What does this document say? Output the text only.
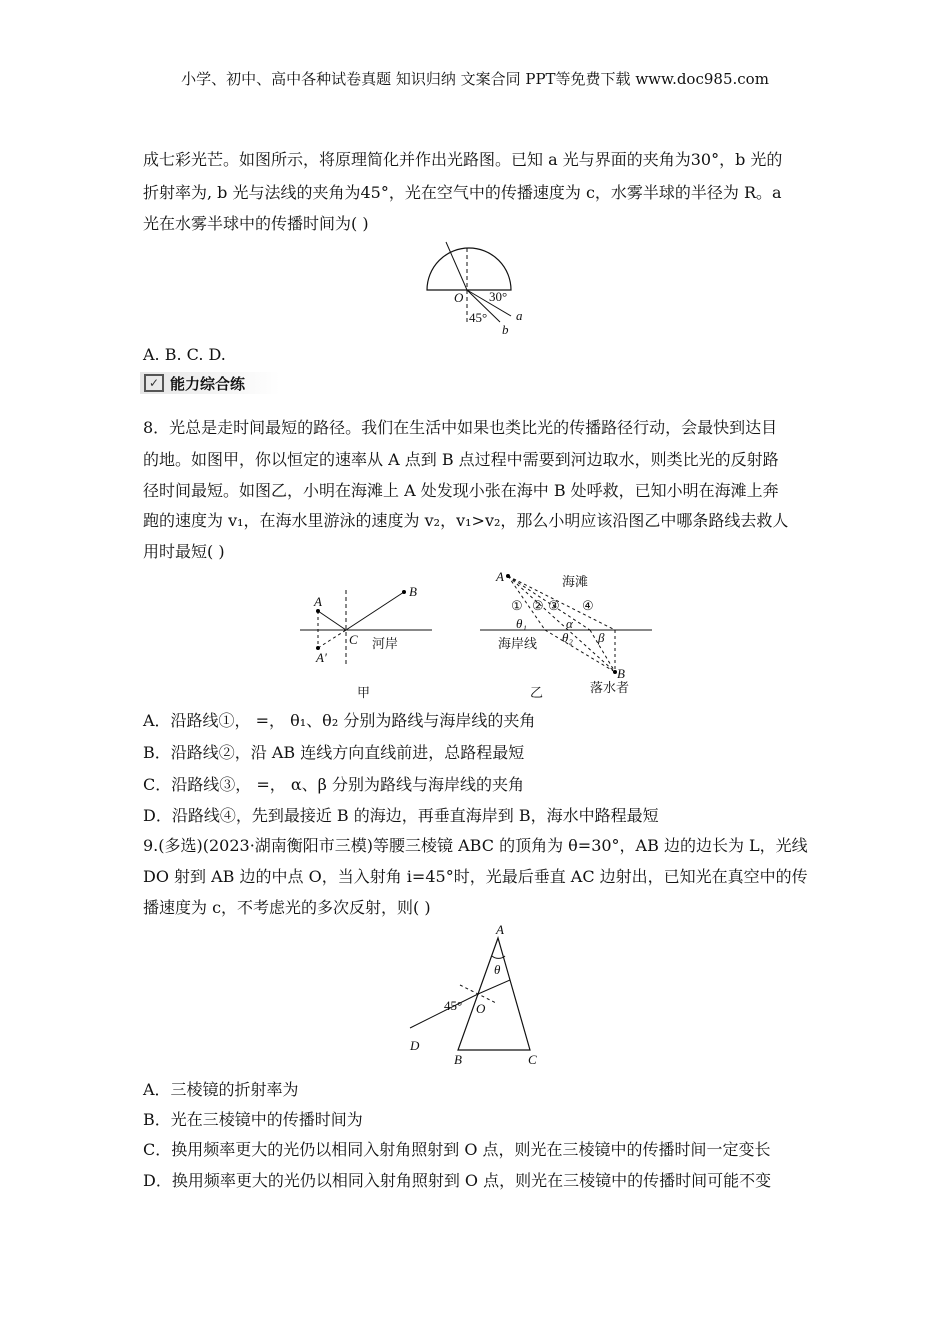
小学、初中、高中各种试卷真题 知识归纳 文案合同 PPT等免费下载 www.doc985.com
成七彩光芒。如图所示，将原理简化并作出光路图。已知 a 光与界面的夹角为30°，b 光的
折射率为, b 光与法线的夹角为45°，光在空气中的传播速度为 c，水雾半球的半径为 R。a
光在水雾半球中的传播时间为( )
O 30°
45° a
b
A. B. C. D.
✓ 能力综合练
8．光总是走时间最短的路径。我们在生活中如果也类比光的传播路径行动，会最快到达目
的地。如图甲，你以恒定的速率从 A 点到 B 点过程中需要到河边取水，则类比光的反射路
径时间最短。如图乙，小明在海滩上 A 处发现小张在海中 B 处呼救，已知小明在海滩上奔
跑的速度为 v₁，在海水里游泳的速度为 v₂，v₁>v₂，那么小明应该沿图乙中哪条路线去救人
用时最短( )
A
B
C
A′
河岸
甲
A
B
海滩
海岸线
落水者
① ② ③ ④
θ₁
θ₂
α
β
乙
A．沿路线①， =， θ₁、θ₂ 分别为路线与海岸线的夹角
B．沿路线②，沿 AB 连线方向直线前进，总路程最短
C．沿路线③， =， α、β 分别为路线与海岸线的夹角
D．沿路线④，先到最接近 B 的海边，再垂直海岸到 B，海水中路程最短
9.(多选)(2023·湖南衡阳市三模)等腰三棱镜 ABC 的顶角为 θ=30°，AB 边的边长为 L，光线
DO 射到 AB 边的中点 O，当入射角 i=45°时，光最后垂直 AC 边射出，已知光在真空中的传
播速度为 c，不考虑光的多次反射，则( )
A
B	C
D
O
θ
45°
A．三棱镜的折射率为
B．光在三棱镜中的传播时间为
C．换用频率更大的光仍以相同入射角照射到 O 点，则光在三棱镜中的传播时间一定变长
D．换用频率更大的光仍以相同入射角照射到 O 点，则光在三棱镜中的传播时间可能不变
